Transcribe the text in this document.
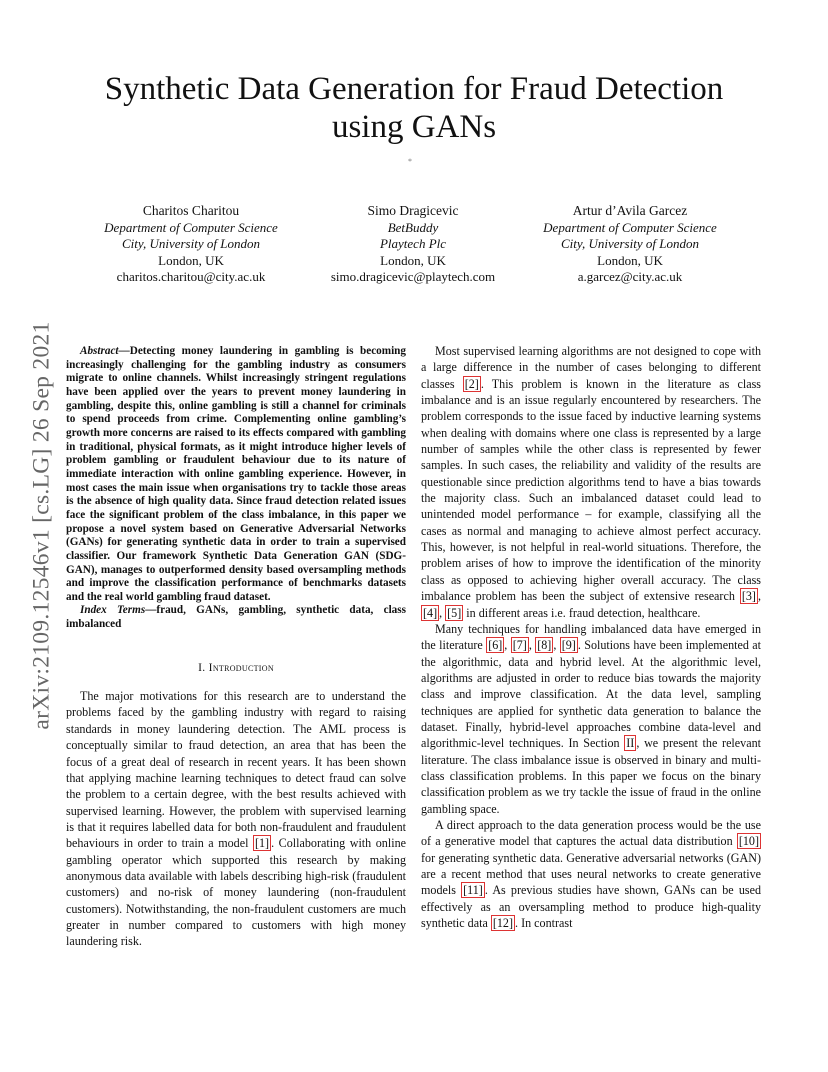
arXiv:2109.12546v1 [cs.LG] 26 Sep 2021
Synthetic Data Generation for Fraud Detection using GANs
*
Charitos Charitou
Department of Computer Science
City, University of London
London, UK
charitos.charitou@city.ac.uk
Simo Dragicevic
BetBuddy
Playtech Plc
London, UK
simo.dragicevic@playtech.com
Artur d’Avila Garcez
Department of Computer Science
City, University of London
London, UK
a.garcez@city.ac.uk

Abstract—Detecting money laundering in gambling is becoming increasingly challenging for the gambling industry as consumers migrate to online channels. Whilst increasingly stringent regulations have been applied over the years to prevent money laundering in gambling, despite this, online gambling is still a channel for criminals to spend proceeds from crime. Complementing online gambling’s growth more concerns are raised to its effects compared with gambling in traditional, physical formats, as it might introduce higher levels of problem gambling or fraudulent behaviour due to its nature of immediate interaction with online gambling experience. However, in most cases the main issue when organisations try to tackle those areas is the absence of high quality data. Since fraud detection related issues face the significant problem of the class imbalance, in this paper we propose a novel system based on Generative Adversarial Networks (GANs) for generating synthetic data in order to train a supervised classifier. Our framework Synthetic Data Generation GAN (SDG-GAN), manages to outperformed density based oversampling methods and improve the classification performance of benchmarks datasets and the real world gambling fraud dataset.

Index Terms—fraud, GANs, gambling, synthetic data, class imbalanced

I. Introduction

The major motivations for this research are to understand the problems faced by the gambling industry with regard to raising standards in money laundering detection. The AML process is conceptually similar to fraud detection, an area that has been the focus of a great deal of research in recent years. It has been shown that applying machine learning techniques to detect fraud can solve the problem to a certain degree, with the best results achieved with supervised learning. However, the problem with supervised learning is that it requires labelled data for both non-fraudulent and fraudulent behaviours in order to train a model [1] . Collaborating with online gambling operator which supported this research by making anonymous data available with labels describing high-risk (fraudulent customers) and no-risk of money laundering (non-fraudulent customers). Notwithstanding, the non-fraudulent customers are much greater in number compared to customers with high money laundering risk.

Most supervised learning algorithms are not designed to cope with a large difference in the number of cases belonging to different classes [2] . This problem is known in the literature as class imbalance and is an issue regularly encountered by researchers. The problem corresponds to the issue faced by inductive learning systems when dealing with domains where one class is represented by a large number of samples while the other class is represented by fewer samples. In such cases, the reliability and validity of the results are questionable since prediction algorithms tend to have a bias towards the majority class. Such an imbalanced dataset could lead to unintended model performance – for example, classifying all the cases as normal and managing to achieve almost perfect accuracy. This, however, is not helpful in real-world situations. Therefore, the problem arises of how to improve the identification of the minority class as opposed to achieving higher overall accuracy. The class imbalance problem has been the subject of extensive research [3] , [4] , [5] in different areas i.e. fraud detection, healthcare.

Many techniques for handling imbalanced data have emerged in the literature [6] , [7] , [8] , [9] . Solutions have been implemented at the algorithmic, data and hybrid level. At the algorithmic level, algorithms are adjusted in order to reduce bias towards the majority class and improve classification. At the data level, sampling techniques are applied for synthetic data generation to balance the dataset. Finally, hybrid-level approaches combine data-level and algorithmic-level techniques. In Section II , we present the relevant literature. The class imbalance issue is observed in binary and multi-class classification problems. In this paper we focus on the binary classification problem as we try tackle the issue of fraud in the online gambling space.

A direct approach to the data generation process would be the use of a generative model that captures the actual data distribution [10] for generating synthetic data. Generative adversarial networks (GAN) are a recent method that uses neural networks to create generative models [11] . As previous studies have shown, GANs can be used effectively as an oversampling method to produce high-quality synthetic data [12] . In contrast
